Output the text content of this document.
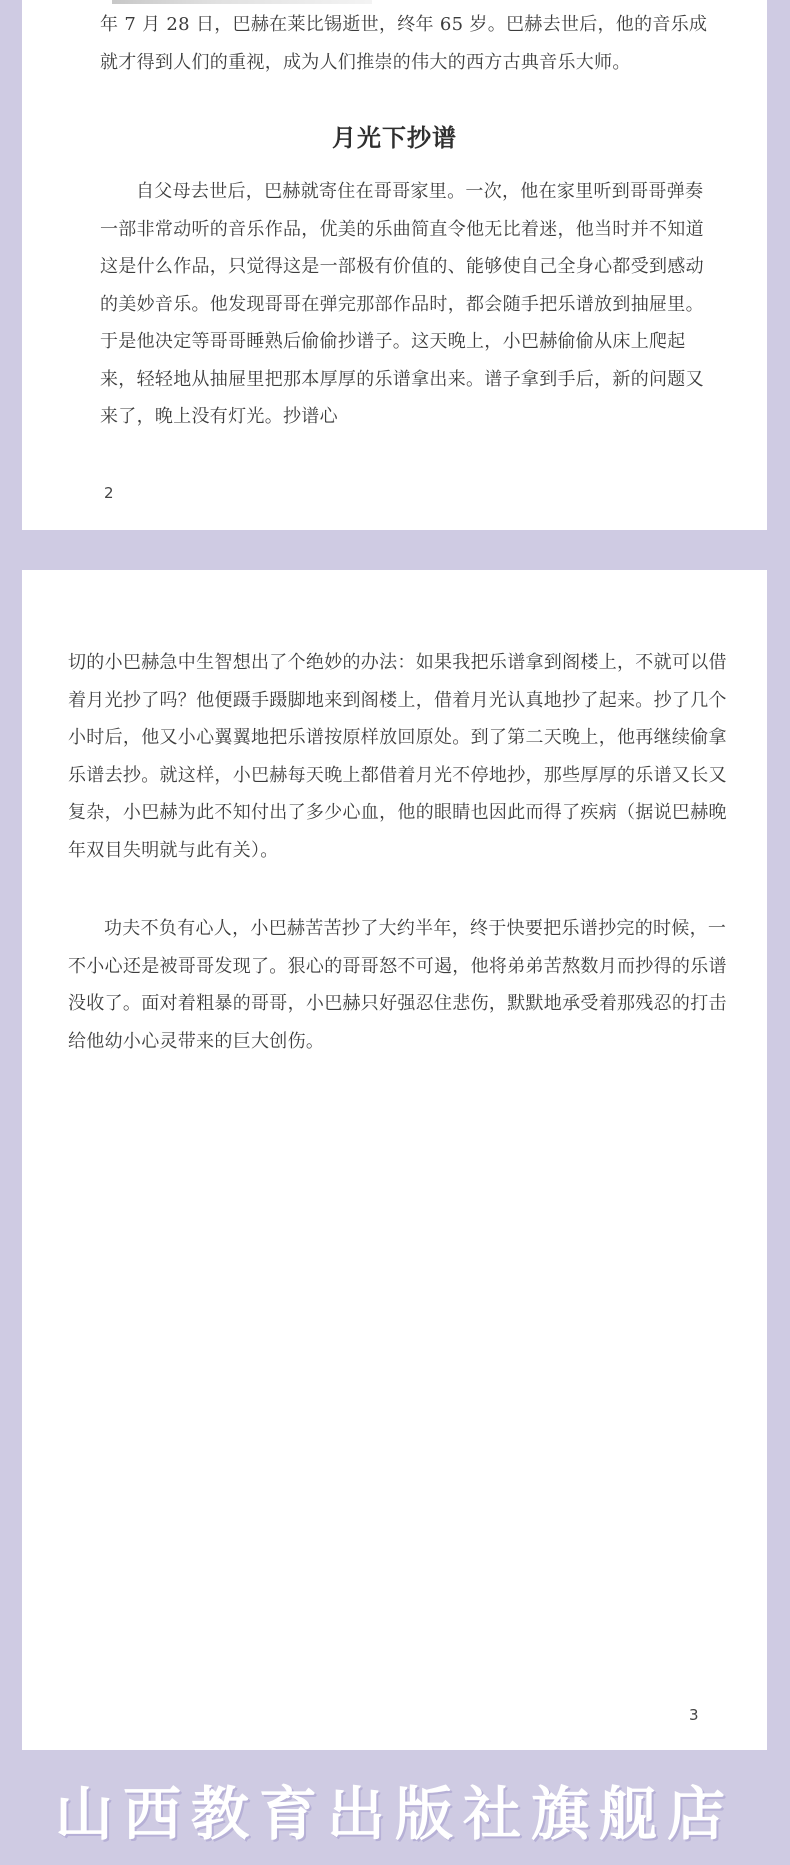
年 7 月 28 日，巴赫在莱比锡逝世，终年 65 岁。巴赫去世后，他的音乐成就才得到人们的重视，成为人们推崇的伟大的西方古典音乐大师。

月光下抄谱

自父母去世后，巴赫就寄住在哥哥家里。一次，他在家里听到哥哥弹奏一部非常动听的音乐作品，优美的乐曲简直令他无比着迷，他当时并不知道这是什么作品，只觉得这是一部极有价值的、能够使自己全身心都受到感动的美妙音乐。他发现哥哥在弹完那部作品时，都会随手把乐谱放到抽屉里。于是他决定等哥哥睡熟后偷偷抄谱子。这天晚上，小巴赫偷偷从床上爬起来，轻轻地从抽屉里把那本厚厚的乐谱拿出来。谱子拿到手后，新的问题又来了，晚上没有灯光。抄谱心

2

切的小巴赫急中生智想出了个绝妙的办法：如果我把乐谱拿到阁楼上，不就可以借着月光抄了吗？他便蹑手蹑脚地来到阁楼上，借着月光认真地抄了起来。抄了几个小时后，他又小心翼翼地把乐谱按原样放回原处。到了第二天晚上，他再继续偷拿乐谱去抄。就这样，小巴赫每天晚上都借着月光不停地抄，那些厚厚的乐谱又长又复杂，小巴赫为此不知付出了多少心血，他的眼睛也因此而得了疾病（据说巴赫晚年双目失明就与此有关）。

功夫不负有心人，小巴赫苦苦抄了大约半年，终于快要把乐谱抄完的时候，一不小心还是被哥哥发现了。狠心的哥哥怒不可遏，他将弟弟苦熬数月而抄得的乐谱没收了。面对着粗暴的哥哥，小巴赫只好强忍住悲伤，默默地承受着那残忍的打击给他幼小心灵带来的巨大创伤。

3
山西教育出版社旗舰店
